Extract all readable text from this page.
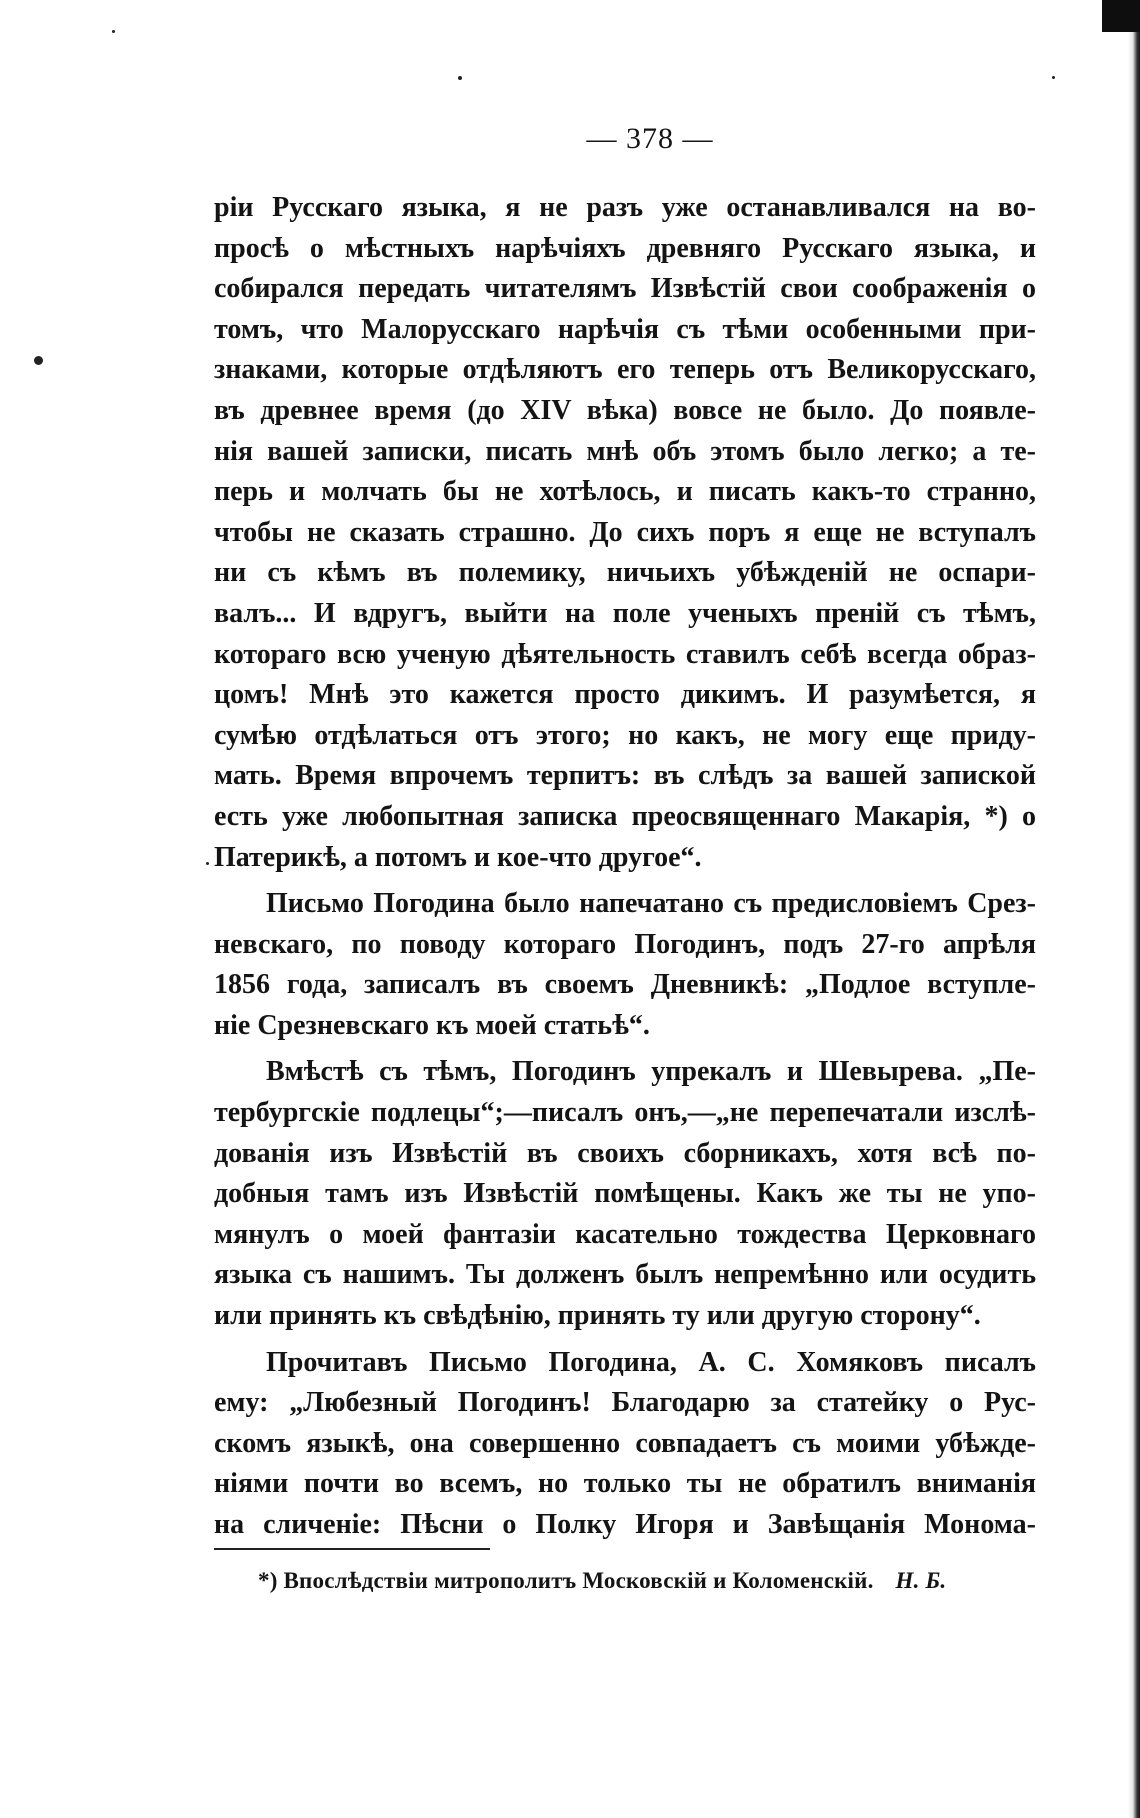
— 378 —
ріи Русскаго языка, я не разъ уже останавливался на во-
просѣ о мѣстныхъ нарѣчіяхъ древняго Русскаго языка, и
собирался передать читателямъ Извѣстій свои соображенія о
томъ, что Малорусскаго нарѣчія съ тѣми особенными при-
знаками, которые отдѣляютъ его теперь отъ Великорусскаго,
въ древнее время (до XIV вѣка) вовсе не было. До появле-
нія вашей записки, писать мнѣ объ этомъ было легко; а те-
перь и молчать бы не хотѣлось, и писать какъ-то странно,
чтобы не сказать страшно. До сихъ поръ я еще не вступалъ
ни съ кѣмъ въ полемику, ничьихъ убѣжденій не оспари-
валъ... И вдругъ, выйти на поле ученыхъ преній съ тѣмъ,
котораго всю ученую дѣятельность ставилъ себѣ всегда образ-
цомъ! Мнѣ это кажется просто дикимъ. И разумѣется, я
сумѣю отдѣлаться отъ этого; но какъ, не могу еще приду-
мать. Время впрочемъ терпитъ: въ слѣдъ за вашей запиской
есть уже любопытная записка преосвященнаго Макарія, *) о
Патерикѣ, а потомъ и кое-что другое“.
Письмо Погодина было напечатано съ предисловіемъ Срез-
невскаго, по поводу котораго Погодинъ, подъ 27-го апрѣля
1856 года, записалъ въ своемъ Дневникѣ: „Подлое вступле-
ніе Срезневскаго къ моей статьѣ“.
Вмѣстѣ съ тѣмъ, Погодинъ упрекалъ и Шевырева. „Пе-
тербургскіе подлецы“;—писалъ онъ,—„не перепечатали изслѣ-
дованія изъ Извѣстій въ своихъ сборникахъ, хотя всѣ по-
добныя тамъ изъ Извѣстій помѣщены. Какъ же ты не упо-
мянулъ о моей фантазіи касательно тождества Церковнаго
языка съ нашимъ. Ты долженъ былъ непремѣнно или осудить
или принять къ свѣдѣнію, принять ту или другую сторону“.
Прочитавъ Письмо Погодина, А. С. Хомяковъ писалъ
ему: „Любезный Погодинъ! Благодарю за статейку о Рус-
скомъ языкѣ, она совершенно совпадаетъ съ моими убѣжде-
ніями почти во всемъ, но только ты не обратилъ вниманія
на сличеніе: Пѣсни о Полку Игоря и Завѣщанія Монома-
*) Впослѣдствіи митрополитъ Московскій и Коломенскій. Н. Б.
